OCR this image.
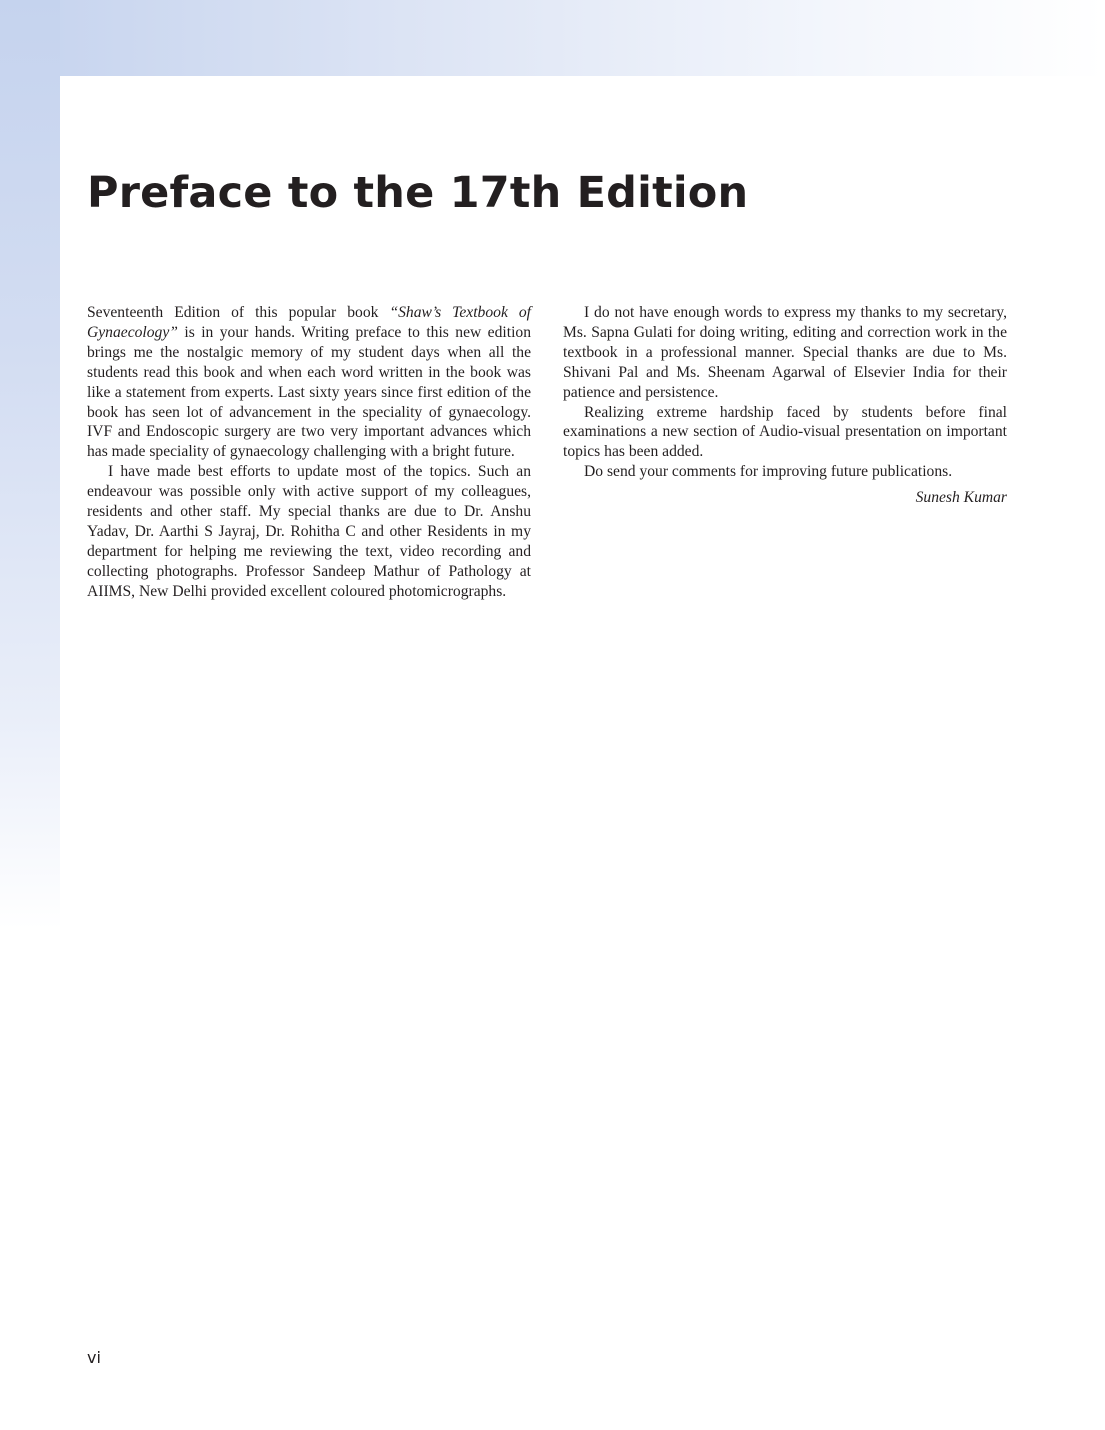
Preface to the 17th Edition

Seventeenth Edition of this popular book “Shaw’s Textbook of Gynaecology” is in your hands. Writing preface to this new edition brings me the nostalgic memory of my student days when all the students read this book and when each word written in the book was like a statement from experts. Last sixty years since first edition of the book has seen lot of advancement in the speciality of gynaecology. IVF and Endoscopic surgery are two very important advances which has made speciality of gynaecology challenging with a bright future.

I have made best efforts to update most of the topics. Such an endeavour was possible only with active support of my colleagues, residents and other staff. My special thanks are due to Dr. Anshu Yadav, Dr. Aarthi S Jayraj, Dr. Rohitha C and other Residents in my department for helping me reviewing the text, video recording and collecting photographs. Professor Sandeep Mathur of Pathology at AIIMS, New Delhi provided excellent coloured photomicrographs.

I do not have enough words to express my thanks to my secretary, Ms. Sapna Gulati for doing writing, editing and correction work in the textbook in a professional manner. Special thanks are due to Ms. Shivani Pal and Ms. Sheenam Agarwal of Elsevier India for their patience and persistence.

Realizing extreme hardship faced by students before final examinations a new section of Audio-visual presentation on important topics has been added.

Do send your comments for improving future publications.

Sunesh Kumar

vi
